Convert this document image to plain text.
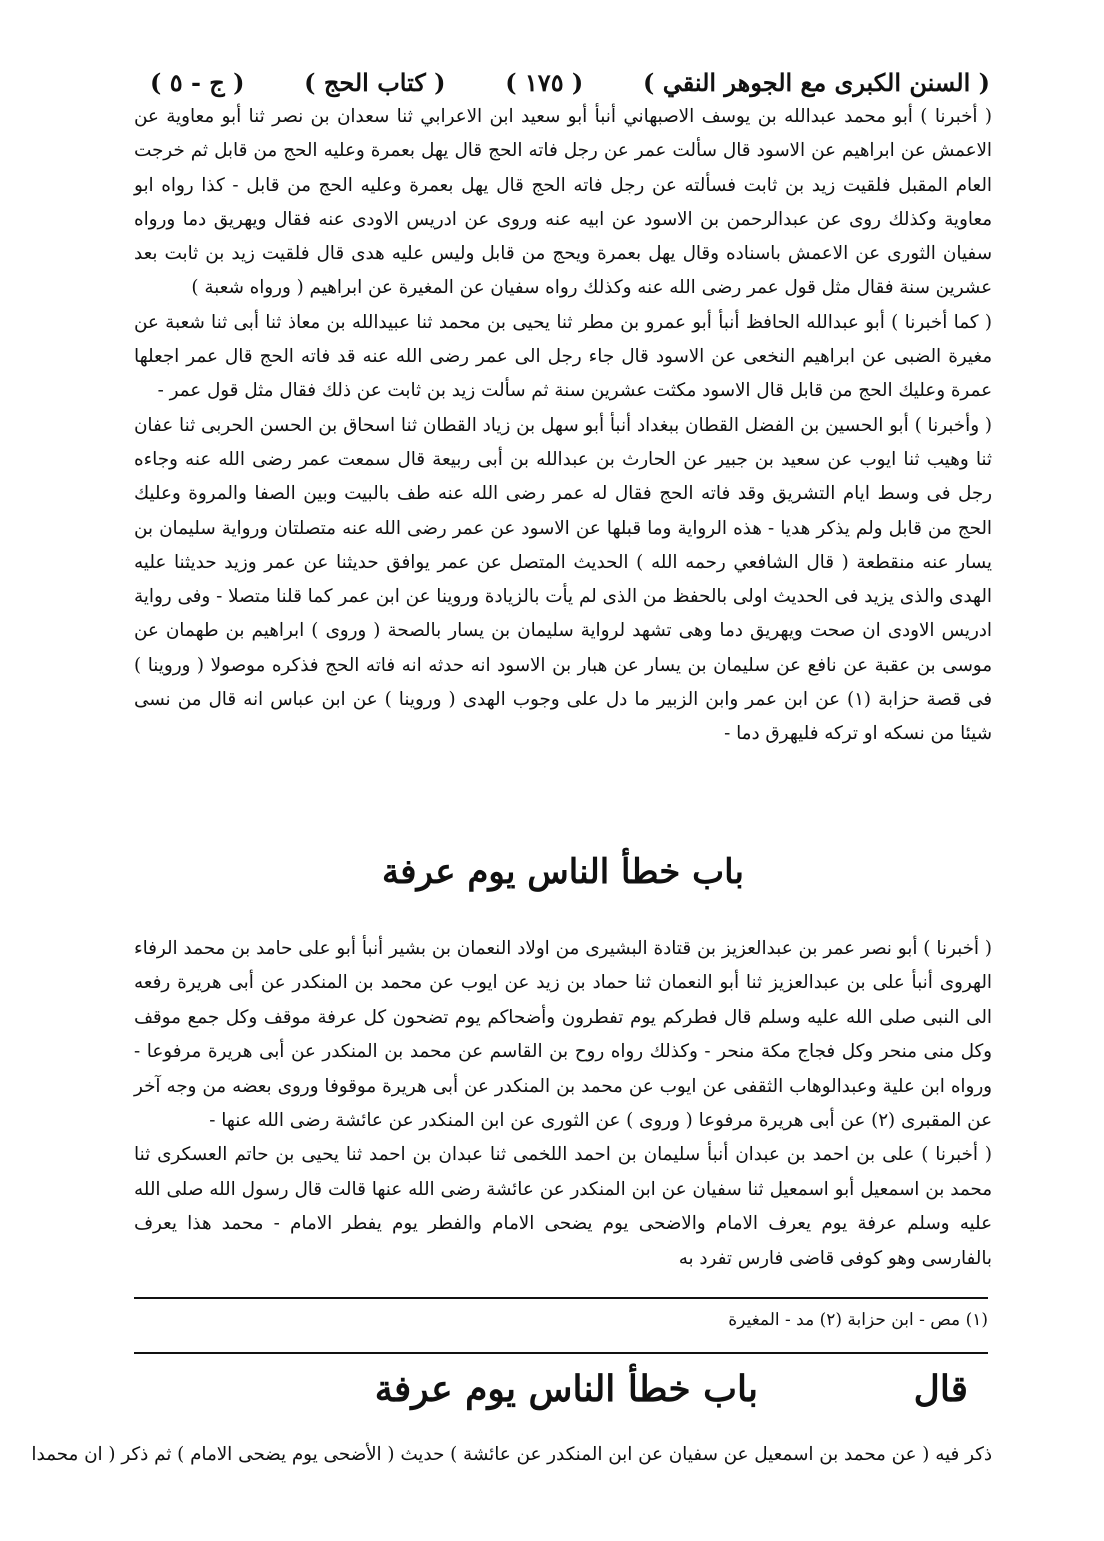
( السنن الكبرى مع الجوهر النقي )
( ١٧٥ )
( كتاب الحج )
( ج - ٥ )

( أخبرنا ) أبو محمد عبدالله بن يوسف الاصبهاني أنبأ أبو سعيد ابن الاعرابي ثنا سعدان بن نصر ثنا أبو معاوية عن الاعمش عن ابراهيم عن الاسود قال سألت عمر عن رجل فاته الحج قال يهل بعمرة وعليه الحج من قابل ثم خرجت العام المقبل فلقيت زيد بن ثابت فسألته عن رجل فاته الحج قال يهل بعمرة وعليه الحج من قابل - كذا رواه ابو معاوية وكذلك روى عن عبدالرحمن بن الاسود عن ابيه عنه وروى عن ادريس الاودى عنه فقال ويهريق دما ورواه سفيان الثورى عن الاعمش باسناده وقال يهل بعمرة ويحج من قابل وليس عليه هدى قال فلقيت زيد بن ثابت بعد عشرين سنة فقال مثل قول عمر رضى الله عنه وكذلك رواه سفيان عن المغيرة عن ابراهيم ( ورواه شعبة )

( كما أخبرنا ) أبو عبدالله الحافظ أنبأ أبو عمرو بن مطر ثنا يحيى بن محمد ثنا عبيدالله بن معاذ ثنا أبى ثنا شعبة عن مغيرة الضبى عن ابراهيم النخعى عن الاسود قال جاء رجل الى عمر رضى الله عنه قد فاته الحج قال عمر اجعلها عمرة وعليك الحج من قابل قال الاسود مكثت عشرين سنة ثم سألت زيد بن ثابت عن ذلك فقال مثل قول عمر -

( وأخبرنا ) أبو الحسين بن الفضل القطان ببغداد أنبأ أبو سهل بن زياد القطان ثنا اسحاق بن الحسن الحربى ثنا عفان ثنا وهيب ثنا ايوب عن سعيد بن جبير عن الحارث بن عبدالله بن أبى ربيعة قال سمعت عمر رضى الله عنه وجاءه رجل فى وسط ايام التشريق وقد فاته الحج فقال له عمر رضى الله عنه طف بالبيت وبين الصفا والمروة وعليك الحج من قابل ولم يذكر هديا - هذه الرواية وما قبلها عن الاسود عن عمر رضى الله عنه متصلتان ورواية سليمان بن يسار عنه منقطعة ( قال الشافعي رحمه الله ) الحديث المتصل عن عمر يوافق حديثنا عن عمر وزيد حديثنا عليه الهدى والذى يزيد فى الحديث اولى بالحفظ من الذى لم يأت بالزيادة وروينا عن ابن عمر كما قلنا متصلا - وفى رواية ادريس الاودى ان صحت ويهريق دما وهى تشهد لرواية سليمان بن يسار بالصحة ( وروى ) ابراهيم بن طهمان عن موسى بن عقبة عن نافع عن سليمان بن يسار عن هبار بن الاسود انه حدثه انه فاته الحج فذكره موصولا ( وروينا ) فى قصة حزابة (١) عن ابن عمر وابن الزبير ما دل على وجوب الهدى ( وروينا ) عن ابن عباس انه قال من نسى شيئا من نسكه او تركه فليهرق دما -

باب خطأ الناس يوم عرفة

( أخبرنا ) أبو نصر عمر بن عبدالعزيز بن قتادة البشيرى من اولاد النعمان بن بشير أنبأ أبو على حامد بن محمد الرفاء الهروى أنبأ على بن عبدالعزيز ثنا أبو النعمان ثنا حماد بن زيد عن ايوب عن محمد بن المنكدر عن أبى هريرة رفعه الى النبى صلى الله عليه وسلم قال فطركم يوم تفطرون وأضحاكم يوم تضحون كل عرفة موقف وكل جمع موقف وكل منى منحر وكل فجاج مكة منحر - وكذلك رواه روح بن القاسم عن محمد بن المنكدر عن أبى هريرة مرفوعا - ورواه ابن علية وعبدالوهاب الثقفى عن ايوب عن محمد بن المنكدر عن أبى هريرة موقوفا وروى بعضه من وجه آخر عن المقبرى (٢) عن أبى هريرة مرفوعا ( وروى ) عن الثورى عن ابن المنكدر عن عائشة رضى الله عنها -

( أخبرنا ) على بن احمد بن عبدان أنبأ سليمان بن احمد اللخمى ثنا عبدان بن احمد ثنا يحيى بن حاتم العسكرى ثنا محمد بن اسمعيل أبو اسمعيل ثنا سفيان عن ابن المنكدر عن عائشة رضى الله عنها قالت قال رسول الله صلى الله عليه وسلم عرفة يوم يعرف الامام والاضحى يوم يضحى الامام والفطر يوم يفطر الامام - محمد هذا يعرف بالفارسى وهو كوفى قاضى فارس تفرد به

(١) مص - ابن حزابة (٢) مد - المغيرة
قال
باب خطأ الناس يوم عرفة
ذكر فيه ( عن محمد بن اسمعيل عن سفيان عن ابن المنكدر عن عائشة ) حديث ( الأضحى يوم يضحى الامام ) ثم ذكر ( ان محمدا
